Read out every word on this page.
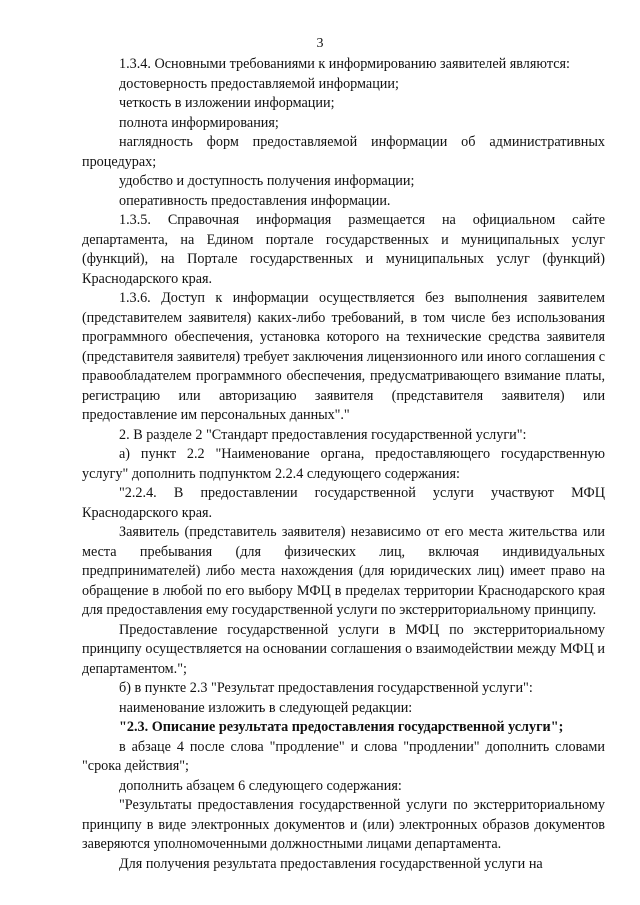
3

1.3.4. Основными требованиями к информированию заявителей являются:

достоверность предоставляемой информации;

четкость в изложении информации;

полнота информирования;

наглядность форм предоставляемой информации об административных процедурах;

удобство и доступность получения информации;

оперативность предоставления информации.

1.3.5. Справочная информация размещается на официальном сайте департамента, на Едином портале государственных и муниципальных услуг (функций), на Портале государственных и муниципальных услуг (функций) Краснодарского края.

1.3.6. Доступ к информации осуществляется без выполнения заявителем (представителем заявителя) каких-либо требований, в том числе без использования программного обеспечения, установка которого на технические средства заявителя (представителя заявителя) требует заключения лицензионного или иного соглашения с правообладателем программного обеспечения, предусматривающего взимание платы, регистрацию или авторизацию заявителя (представителя заявителя) или предоставление им персональных данных"."

2. В разделе 2 "Стандарт предоставления государственной услуги":

а) пункт 2.2 "Наименование органа, предоставляющего государственную услугу" дополнить подпунктом 2.2.4 следующего содержания:

"2.2.4. В предоставлении государственной услуги участвуют МФЦ Краснодарского края.

Заявитель (представитель заявителя) независимо от его места жительства или места пребывания (для физических лиц, включая индивидуальных предпринимателей) либо места нахождения (для юридических лиц) имеет право на обращение в любой по его выбору МФЦ в пределах территории Краснодарского края для предоставления ему государственной услуги по экстерриториальному принципу.

Предоставление государственной услуги в МФЦ по экстерриториальному принципу осуществляется на основании соглашения о взаимодействии между МФЦ и департаментом.";

б) в пункте 2.3 "Результат предоставления государственной услуги":

наименование изложить в следующей редакции:

"2.3. Описание результата предоставления государственной услуги";

в абзаце 4 после слова "продление" и слова "продлении" дополнить словами "срока действия";

дополнить абзацем 6 следующего содержания:

"Результаты предоставления государственной услуги по экстерриториальному принципу в виде электронных документов и (или) электронных образов документов заверяются уполномоченными должностными лицами департамента.

Для получения результата предоставления государственной услуги на
